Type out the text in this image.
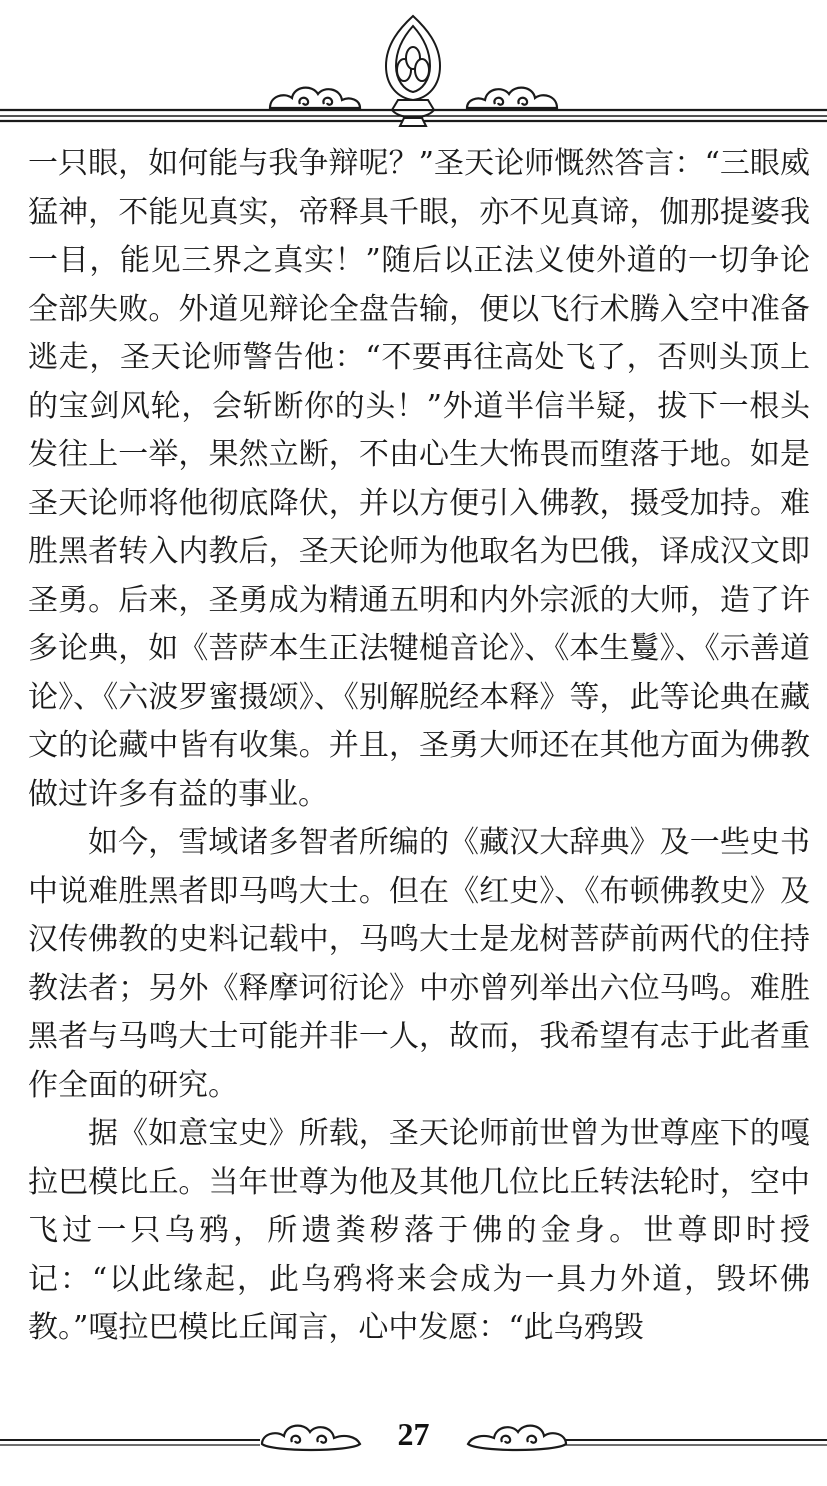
一只眼，如何能与我争辩呢？”圣天论师慨然答言：“三眼威猛神，不能见真实，帝释具千眼，亦不见真谛，伽那提婆我一目，能见三界之真实！”随后以正法义使外道的一切争论全部失败。外道见辩论全盘告输，便以飞行术腾入空中准备逃走，圣天论师警告他：“不要再往高处飞了，否则头顶上的宝剑风轮，会斩断你的头！”外道半信半疑，拔下一根头发往上一举，果然立断，不由心生大怖畏而堕落于地。如是圣天论师将他彻底降伏，并以方便引入佛教，摄受加持。难胜黑者转入内教后，圣天论师为他取名为巴俄，译成汉文即圣勇。后来，圣勇成为精通五明和内外宗派的大师，造了许多论典，如《菩萨本生正法犍槌音论》、《本生鬘》、《示善道论》、《六波罗蜜摄颂》、《别解脱经本释》等，此等论典在藏文的论藏中皆有收集。并且，圣勇大师还在其他方面为佛教做过许多有益的事业。

如今，雪域诸多智者所编的《藏汉大辞典》及一些史书中说难胜黑者即马鸣大士。但在《红史》、《布顿佛教史》及汉传佛教的史料记载中，马鸣大士是龙树菩萨前两代的住持教法者；另外《释摩诃衍论》中亦曾列举出六位马鸣。难胜黑者与马鸣大士可能并非一人，故而，我希望有志于此者重作全面的研究。

据《如意宝史》所载，圣天论师前世曾为世尊座下的嘎拉巴模比丘。当年世尊为他及其他几位比丘转法轮时，空中飞过一只乌鸦，所遗粪秽落于佛的金身。世尊即时授记：“以此缘起，此乌鸦将来会成为一具力外道，毁坏佛教。”嘎拉巴模比丘闻言，心中发愿：“此乌鸦毁

27
